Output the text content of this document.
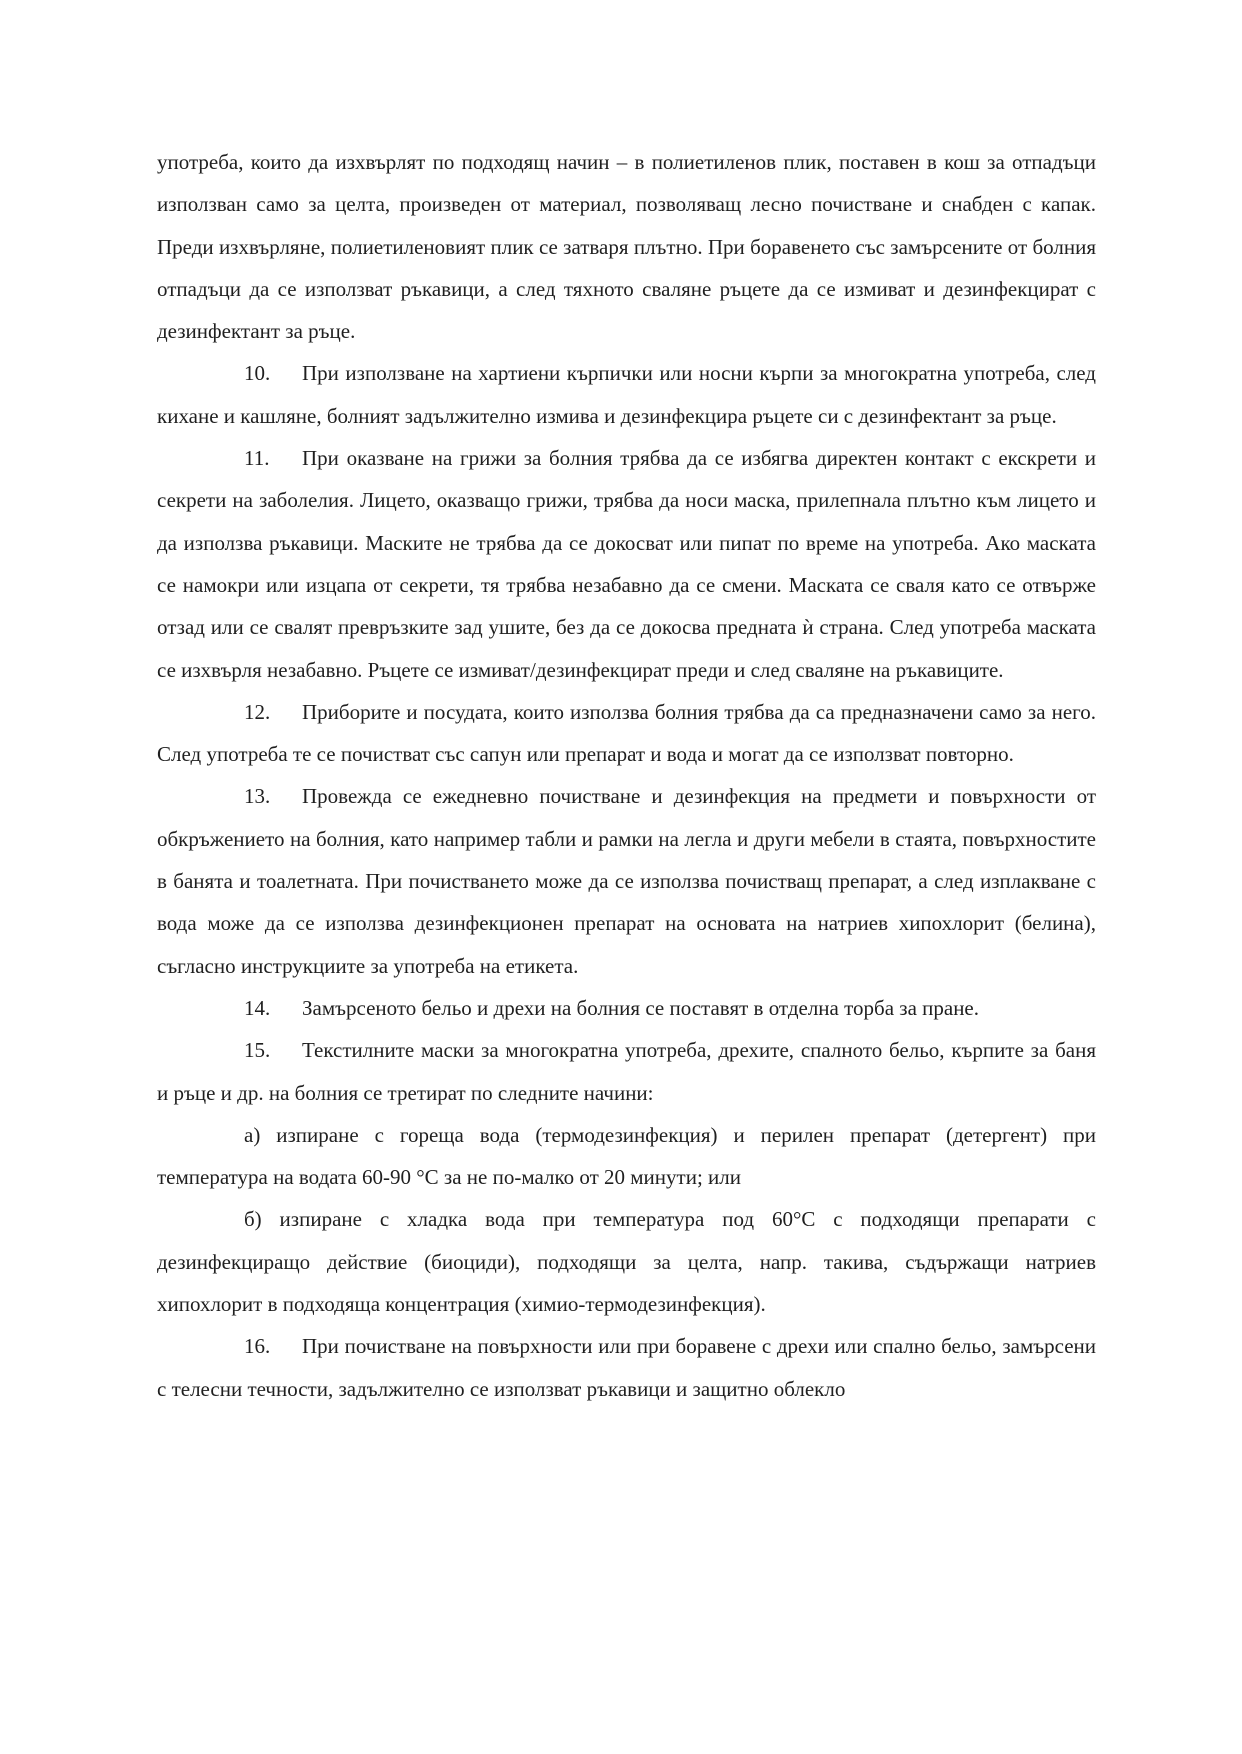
употреба, които да изхвърлят по подходящ начин – в полиетиленов плик, поставен в кош за отпадъци използван само за целта, произведен от материал, позволяващ лесно почистване и снабден с капак. Преди изхвърляне, полиетиленовият плик се затваря плътно. При боравенето със замърсените от болния отпадъци да се използват ръкавици, а след тяхното сваляне ръцете да се измиват и дезинфекцират с дезинфектант за ръце.

10. При използване на хартиени кърпички или носни кърпи за многократна употреба, след кихане и кашляне, болният задължително измива и дезинфекцира ръцете си с дезинфектант за ръце.

11. При оказване на грижи за болния трябва да се избягва директен контакт с екскрети и секрети на заболелия. Лицето, оказващо грижи, трябва да носи маска, прилепнала плътно към лицето и да използва ръкавици. Маските не трябва да се докосват или пипат по време на употреба. Ако маската се намокри или изцапа от секрети, тя трябва незабавно да се смени. Маската се сваля като се отвърже отзад или се свалят превръзките зад ушите, без да се докосва предната ѝ страна. След употреба маската се изхвърля незабавно. Ръцете се измиват/дезинфекцират преди и след сваляне на ръкавиците.

12. Приборите и посудата, които използва болния трябва да са предназначени само за него. След употреба те се почистват със сапун или препарат и вода и могат да се използват повторно.

13. Провежда се ежедневно почистване и дезинфекция на предмети и повърхности от обкръжението на болния, като например табли и рамки на легла и други мебели в стаята, повърхностите в банята и тоалетната. При почистването може да се използва почистващ препарат, а след изплакване с вода може да се използва дезинфекционен препарат на основата на натриев хипохлорит (белина), съгласно инструкциите за употреба на етикета.

14. Замърсеното бельо и дрехи на болния се поставят в отделна торба за пране.

15. Текстилните маски за многократна употреба, дрехите, спалното бельо, кърпите за баня и ръце и др. на болния се третират по следните начини:

а) изпиране с гореща вода (термодезинфекция) и перилен препарат (детергент) при температура на водата 60-90 °С за не по-малко от 20 минути; или

б) изпиране с хладка вода при температура под 60°С с подходящи препарати с дезинфекциращо действие (биоциди), подходящи за целта, напр. такива, съдържащи натриев хипохлорит в подходяща концентрация (химио-термодезинфекция).

16. При почистване на повърхности или при боравене с дрехи или спално бельо, замърсени с телесни течности, задължително се използват ръкавици и защитно облекло
